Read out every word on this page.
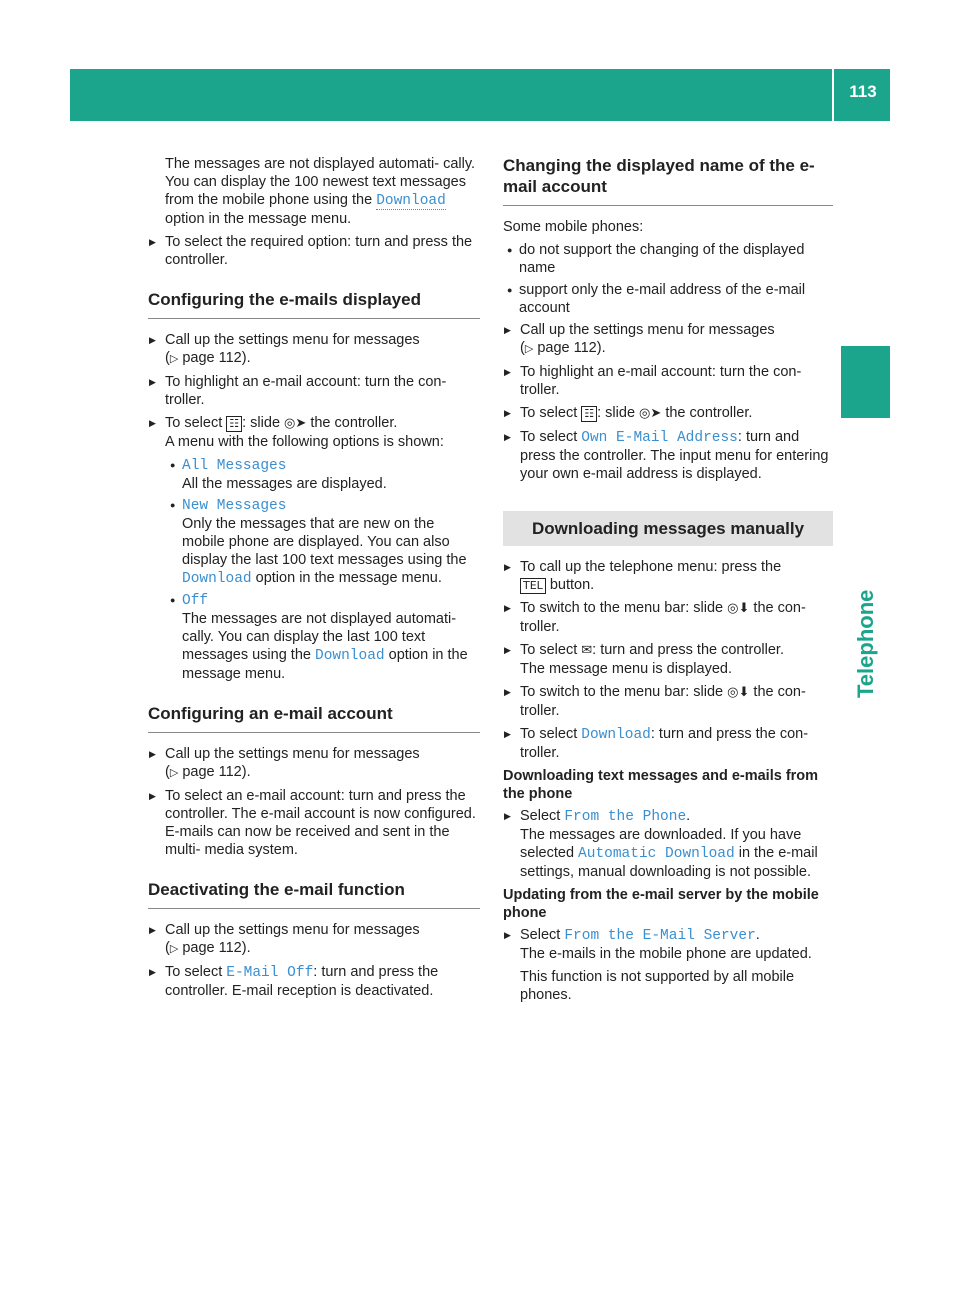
Messages
113
Telephone

The messages are not displayed automati- cally. You can display the 100 newest text messages from the mobile phone using the Download option in the message menu.

▶ To select the required option: turn and press the controller.

Configuring the e-mails displayed

▶ Call up the settings menu for messages
(▷ page 112).

▶ To highlight an e-mail account: turn the con- troller.

▶ To select ☷ : slide ◎➤ the controller.
A menu with the following options is shown:

● All Messages

All the messages are displayed.

● New Messages

Only the messages that are new on the mobile phone are displayed. You can also display the last 100 text messages using the Download option in the message menu.

● Off

The messages are not displayed automati- cally. You can display the last 100 text messages using the Download option in the message menu.

Configuring an e-mail account

▶ Call up the settings menu for messages
(▷ page 112).

▶ To select an e-mail account: turn and press the controller. The e-mail account is now configured. E-mails can now be received and sent in the multi- media system.

Deactivating the e-mail function

▶ Call up the settings menu for messages
(▷ page 112).

▶ To select E-Mail Off: turn and press the controller. E-mail reception is deactivated.

Changing the displayed name of the e- mail account

Some mobile phones:

● do not support the changing of the displayed name

● support only the e-mail address of the e-mail account

▶ Call up the settings menu for messages
(▷ page 112).

▶ To highlight an e-mail account: turn the con- troller.

▶ To select ☷ : slide ◎➤ the controller.

▶ To select Own E-Mail Address: turn and press the controller. The input menu for entering your own e-mail address is displayed.

Downloading messages manually

▶ To call up the telephone menu: press the
TEL button.

▶ To switch to the menu bar: slide ◎⬇ the con- troller.

▶ To select ✉: turn and press the controller.
The message menu is displayed.

▶ To switch to the menu bar: slide ◎⬇ the con- troller.

▶ To select Download: turn and press the con- troller.

Downloading text messages and e-mails from the phone

▶ Select From the Phone.
The messages are downloaded. If you have selected Automatic Download in the e-mail settings, manual downloading is not possible.

Updating from the e-mail server by the mobile phone

▶ Select From the E-Mail Server.
The e-mails in the mobile phone are updated.

This function is not supported by all mobile phones.
